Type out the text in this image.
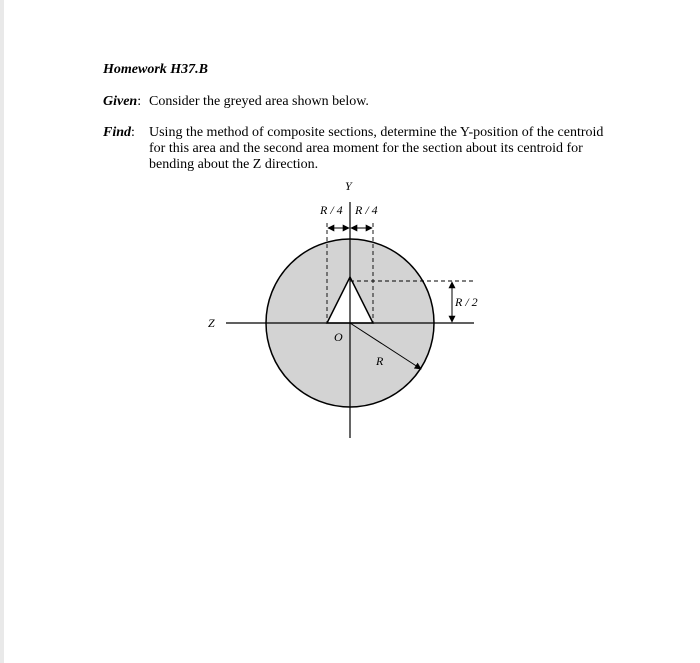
Homework H37.B
Given: Consider the greyed area shown below.
Find: Using the method of composite sections, determine the Y-position of the centroid for this area and the second area moment for the section about its centroid for bending about the Z direction.
Y
Z
O
R
R / 4 R / 4
R / 2
